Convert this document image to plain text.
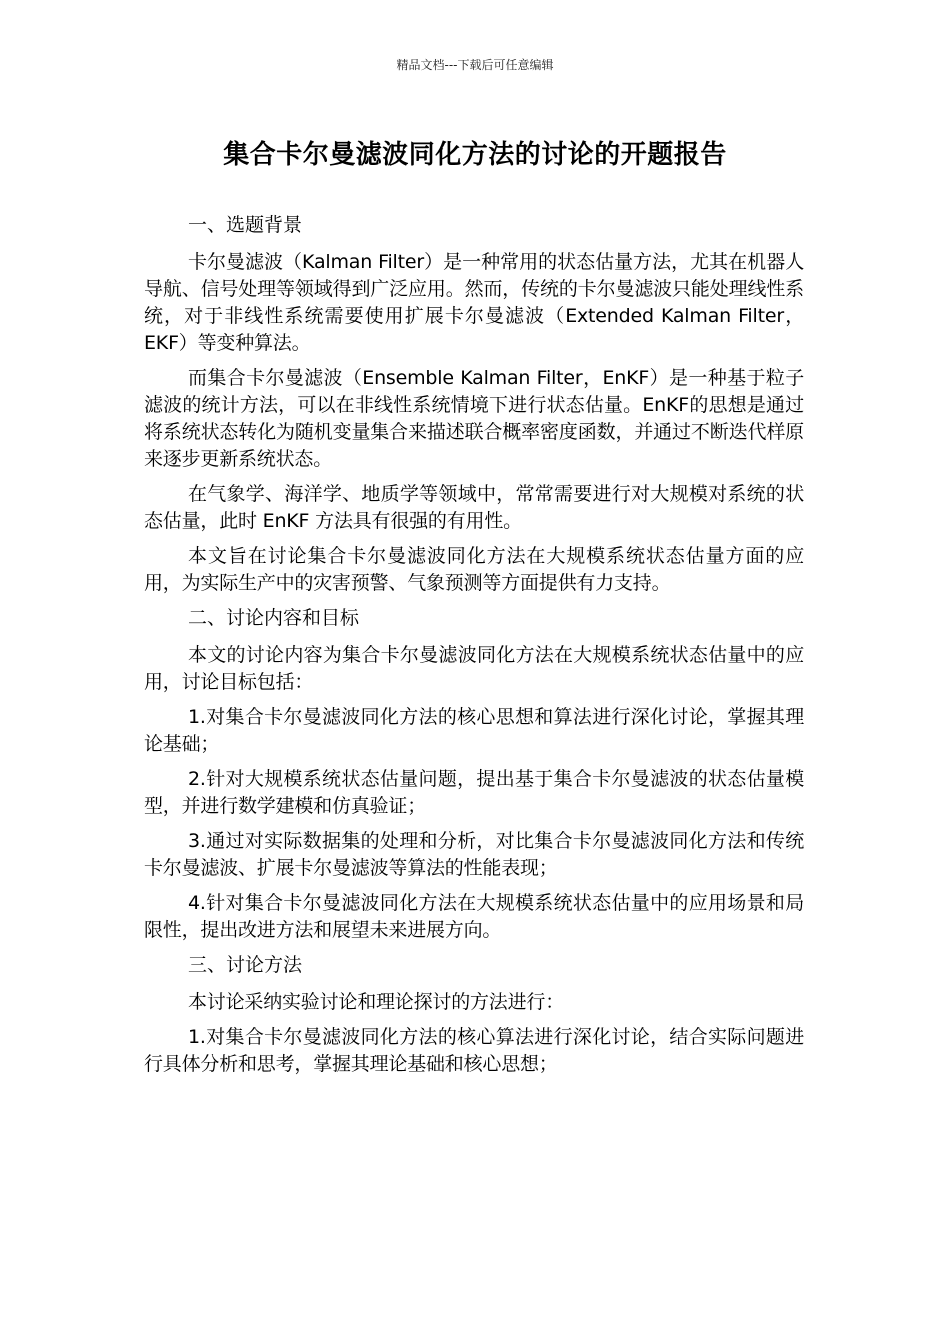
精品文档---下载后可任意编辑
集合卡尔曼滤波同化方法的讨论的开题报告

一、选题背景

卡尔曼滤波（Kalman Filter）是一种常用的状态估量方法，尤其在机器人导航、信号处理等领域得到广泛应用。然而，传统的卡尔曼滤波只能处理线性系统，对于非线性系统需要使用扩展卡尔曼滤波（Extended Kalman Filter，EKF）等变种算法。

而集合卡尔曼滤波（Ensemble Kalman Filter，EnKF）是一种基于粒子滤波的统计方法，可以在非线性系统情境下进行状态估量。EnKF的思想是通过将系统状态转化为随机变量集合来描述联合概率密度函数，并通过不断迭代样原来逐步更新系统状态。

在气象学、海洋学、地质学等领域中，常常需要进行对大规模对系统的状态估量，此时 EnKF 方法具有很强的有用性。

本文旨在讨论集合卡尔曼滤波同化方法在大规模系统状态估量方面的应用，为实际生产中的灾害预警、气象预测等方面提供有力支持。

二、讨论内容和目标

本文的讨论内容为集合卡尔曼滤波同化方法在大规模系统状态估量中的应用，讨论目标包括：

1.对集合卡尔曼滤波同化方法的核心思想和算法进行深化讨论，掌握其理论基础；

2.针对大规模系统状态估量问题，提出基于集合卡尔曼滤波的状态估量模型，并进行数学建模和仿真验证；

3.通过对实际数据集的处理和分析，对比集合卡尔曼滤波同化方法和传统卡尔曼滤波、扩展卡尔曼滤波等算法的性能表现；

4.针对集合卡尔曼滤波同化方法在大规模系统状态估量中的应用场景和局限性，提出改进方法和展望未来进展方向。

三、讨论方法

本讨论采纳实验讨论和理论探讨的方法进行：

1.对集合卡尔曼滤波同化方法的核心算法进行深化讨论，结合实际问题进行具体分析和思考，掌握其理论基础和核心思想；
